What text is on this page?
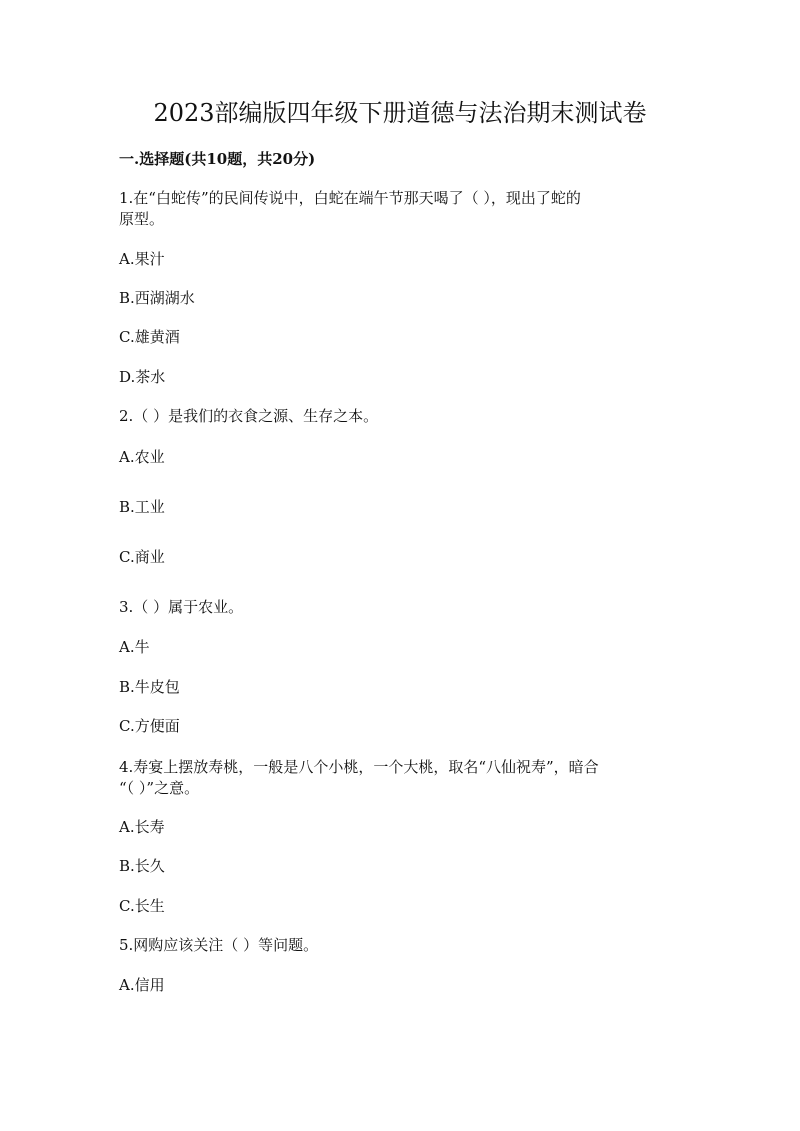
2023部编版四年级下册道德与法治期末测试卷
一.选择题(共10题，共20分)
1.在“白蛇传”的民间传说中，白蛇在端午节那天喝了（ ），现出了蛇的
原型。
A.果汁
B.西湖湖水
C.雄黄酒
D.茶水
2.（ ）是我们的衣食之源、生存之本。
A.农业
B.工业
C.商业
3.（ ）属于农业。
A.牛
B.牛皮包
C.方便面
4.寿宴上摆放寿桃，一般是八个小桃，一个大桃，取名“八仙祝寿”，暗合
“（ ）”之意。
A.长寿
B.长久
C.长生
5.网购应该关注（ ）等问题。
A.信用
